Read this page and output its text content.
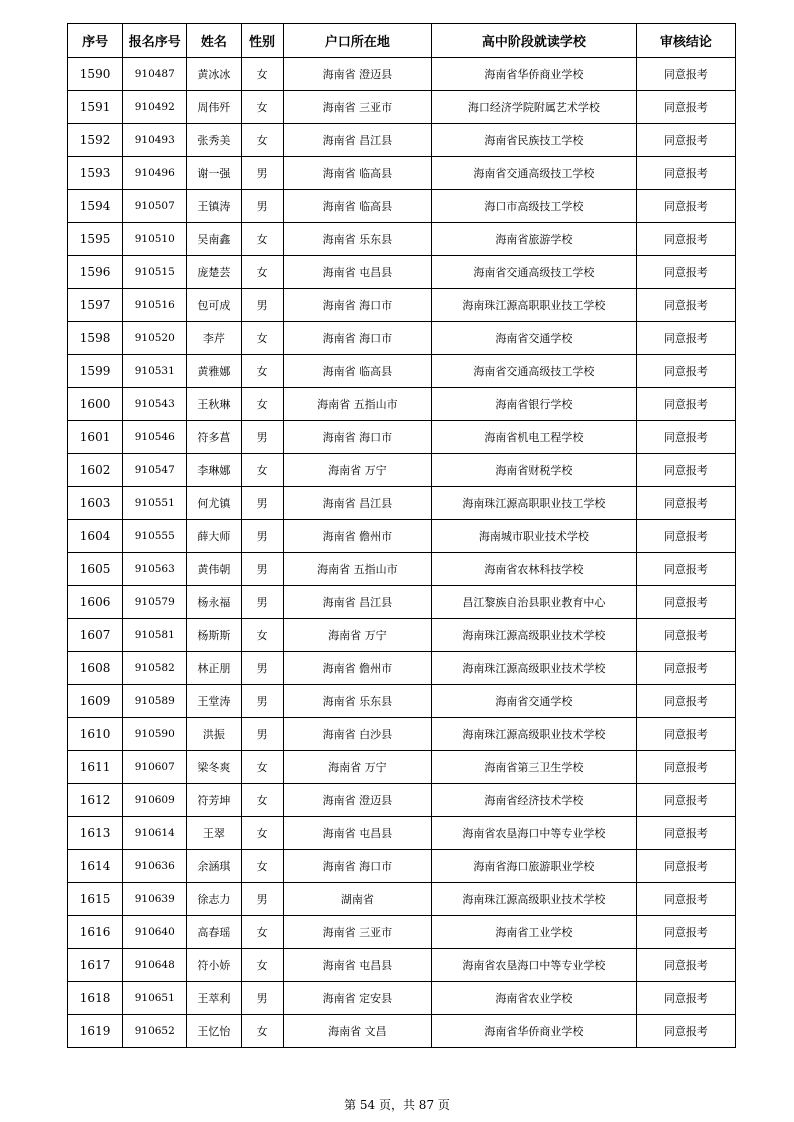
序号	报名序号	姓名	性别	户口所在地	高中阶段就读学校	审核结论
1590	910487	黄冰冰	女	海南省 澄迈县	海南省华侨商业学校	同意报考
1591	910492	周伟歼	女	海南省 三亚市	海口经济学院附属艺术学校	同意报考
1592	910493	张秀美	女	海南省 昌江县	海南省民族技工学校	同意报考
1593	910496	谢一强	男	海南省 临高县	海南省交通高级技工学校	同意报考
1594	910507	王镇涛	男	海南省 临高县	海口市高级技工学校	同意报考
1595	910510	吴南鑫	女	海南省 乐东县	海南省旅游学校	同意报考
1596	910515	庞楚芸	女	海南省 屯昌县	海南省交通高级技工学校	同意报考
1597	910516	包可成	男	海南省 海口市	海南珠江源高职职业技工学校	同意报考
1598	910520	李芹	女	海南省 海口市	海南省交通学校	同意报考
1599	910531	黄雅娜	女	海南省 临高县	海南省交通高级技工学校	同意报考
1600	910543	王秋琳	女	海南省 五指山市	海南省银行学校	同意报考
1601	910546	符多菖	男	海南省 海口市	海南省机电工程学校	同意报考
1602	910547	李琳娜	女	海南省 万宁	海南省财税学校	同意报考
1603	910551	何尤镇	男	海南省 昌江县	海南珠江源高职职业技工学校	同意报考
1604	910555	薛大师	男	海南省 儋州市	海南城市职业技术学校	同意报考
1605	910563	黄伟朝	男	海南省 五指山市	海南省农林科技学校	同意报考
1606	910579	杨永福	男	海南省 昌江县	昌江黎族自治县职业教育中心	同意报考
1607	910581	杨斯斯	女	海南省 万宁	海南珠江源高级职业技术学校	同意报考
1608	910582	林正朋	男	海南省 儋州市	海南珠江源高级职业技术学校	同意报考
1609	910589	王堂涛	男	海南省 乐东县	海南省交通学校	同意报考
1610	910590	洪振	男	海南省 白沙县	海南珠江源高级职业技术学校	同意报考
1611	910607	梁冬爽	女	海南省 万宁	海南省第三卫生学校	同意报考
1612	910609	符芳坤	女	海南省 澄迈县	海南省经济技术学校	同意报考
1613	910614	王翠	女	海南省 屯昌县	海南省农垦海口中等专业学校	同意报考
1614	910636	余涵琪	女	海南省 海口市	海南省海口旅游职业学校	同意报考
1615	910639	徐志力	男	湖南省	海南珠江源高级职业技术学校	同意报考
1616	910640	高春瑶	女	海南省 三亚市	海南省工业学校	同意报考
1617	910648	符小娇	女	海南省 屯昌县	海南省农垦海口中等专业学校	同意报考
1618	910651	王萃利	男	海南省 定安县	海南省农业学校	同意报考
1619	910652	王忆怡	女	海南省 文昌	海南省华侨商业学校	同意报考
第 54 页，共 87 页
